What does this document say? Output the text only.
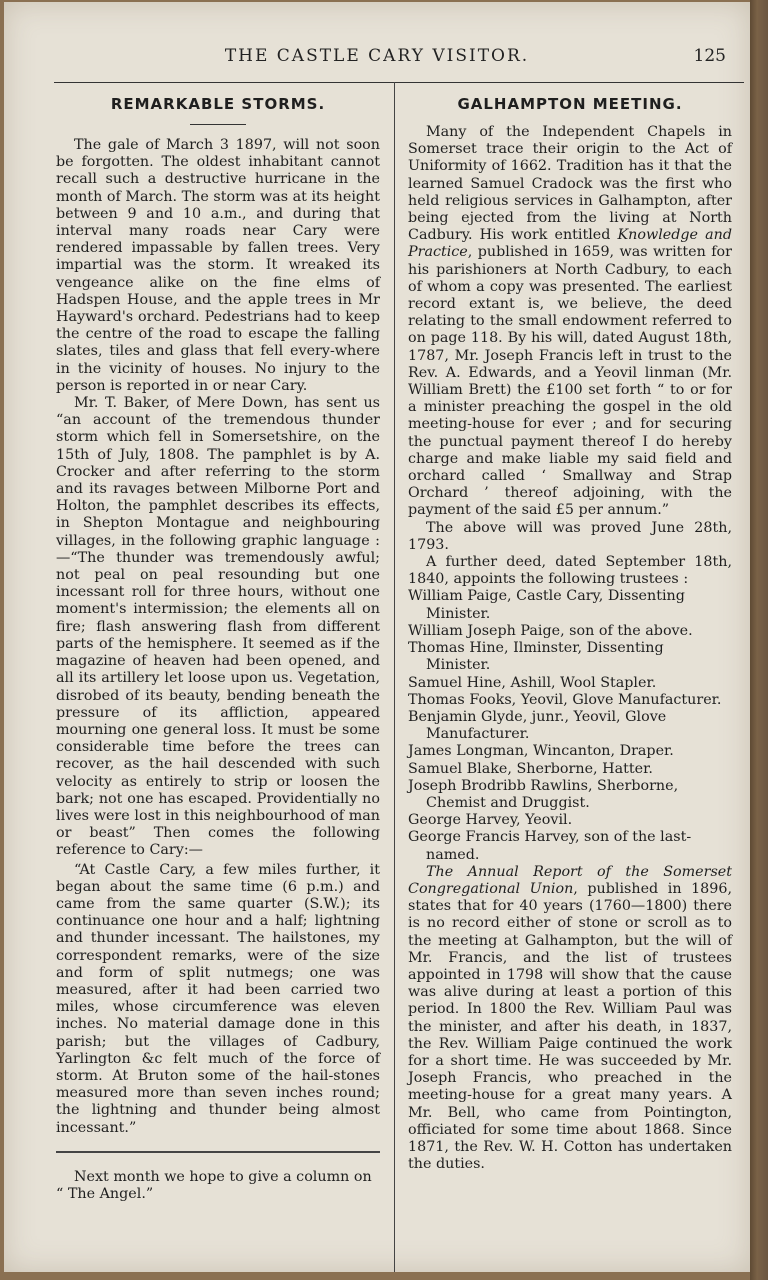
THE CASTLE CARY VISITOR.	125
REMARKABLE STORMS.

The gale of March 3 1897, will not soon be forgotten. The oldest inhabitant cannot recall such a destructive hurricane in the month of March. The storm was at its height between 9 and 10 a.m., and during that interval many roads near Cary were rendered impassable by fallen trees. Very impartial was the storm. It wreaked its vengeance alike on the fine elms of Hadspen House, and the apple trees in Mr Hayward's orchard. Pedestrians had to keep the centre of the road to escape the falling slates, tiles and glass that fell every-where in the vicinity of houses. No injury to the person is reported in or near Cary.

Mr. T. Baker, of Mere Down, has sent us “an account of the tremendous thunder storm which fell in Somersetshire, on the 15th of July, 1808. The pamphlet is by A. Crocker and after referring to the storm and its ravages between Milborne Port and Holton, the pamphlet describes its effects, in Shepton Montague and neighbouring villages, in the following graphic language :—“The thunder was tremendously awful; not peal on peal resounding but one incessant roll for three hours, without one moment's intermission; the elements all on fire; flash answering flash from different parts of the hemisphere. It seemed as if the magazine of heaven had been opened, and all its artillery let loose upon us. Vegetation, disrobed of its beauty, bending beneath the pressure of its affliction, appeared mourning one general loss. It must be some considerable time before the trees can recover, as the hail descended with such velocity as entirely to strip or loosen the bark; not one has escaped. Providentially no lives were lost in this neighbourhood of man or beast” Then comes the following reference to Cary:—

“At Castle Cary, a few miles further, it began about the same time (6 p.m.) and came from the same quarter (S.W.); its continuance one hour and a half; lightning and thunder incessant. The hailstones, my correspondent remarks, were of the size and form of split nutmegs; one was measured, after it had been carried two miles, whose circumference was eleven inches. No material damage done in this parish; but the villages of Cadbury, Yarlington &c felt much of the force of storm. At Bruton some of the hail-stones measured more than seven inches round; the lightning and thunder being almost incessant.”

Next month we hope to give a column on “ The Angel.”

GALHAMPTON MEETING.

Many of the Independent Chapels in Somerset trace their origin to the Act of Uniformity of 1662. Tradition has it that the learned Samuel Cradock was the first who held religious services in Galhampton, after being ejected from the living at North Cadbury. His work entitled Knowledge and Practice, published in 1659, was written for his parishioners at North Cadbury, to each of whom a copy was presented. The earliest record extant is, we believe, the deed relating to the small endowment referred to on page 118. By his will, dated August 18th, 1787, Mr. Joseph Francis left in trust to the Rev. A. Edwards, and a Yeovil linman (Mr. William Brett) the £100 set forth “ to or for a minister preaching the gospel in the old meeting-house for ever ; and for securing the punctual payment thereof I do hereby charge and make liable my said field and orchard called ‘ Smallway and Strap Orchard ’ thereof adjoining, with the payment of the said £5 per annum.”

The above will was proved June 28th, 1793.

A further deed, dated September 18th, 1840, appoints the following trustees :

William Paige, Castle Cary, Dissenting Minister.
William Joseph Paige, son of the above.
Thomas Hine, Ilminster, Dissenting Minister.
Samuel Hine, Ashill, Wool Stapler.
Thomas Fooks, Yeovil, Glove Manufacturer.
Benjamin Glyde, junr., Yeovil, Glove Manufacturer.
James Longman, Wincanton, Draper.
Samuel Blake, Sherborne, Hatter.
Joseph Brodribb Rawlins, Sherborne, Chemist and Druggist.
George Harvey, Yeovil.
George Francis Harvey, son of the last-named.

The Annual Report of the Somerset Congregational Union, published in 1896, states that for 40 years (1760—1800) there is no record either of stone or scroll as to the meeting at Galhampton, but the will of Mr. Francis, and the list of trustees appointed in 1798 will show that the cause was alive during at least a portion of this period. In 1800 the Rev. William Paul was the minister, and after his death, in 1837, the Rev. William Paige continued the work for a short time. He was succeeded by Mr. Joseph Francis, who preached in the meeting-house for a great many years. A Mr. Bell, who came from Pointington, officiated for some time about 1868. Since 1871, the Rev. W. H. Cotton has undertaken the duties.
